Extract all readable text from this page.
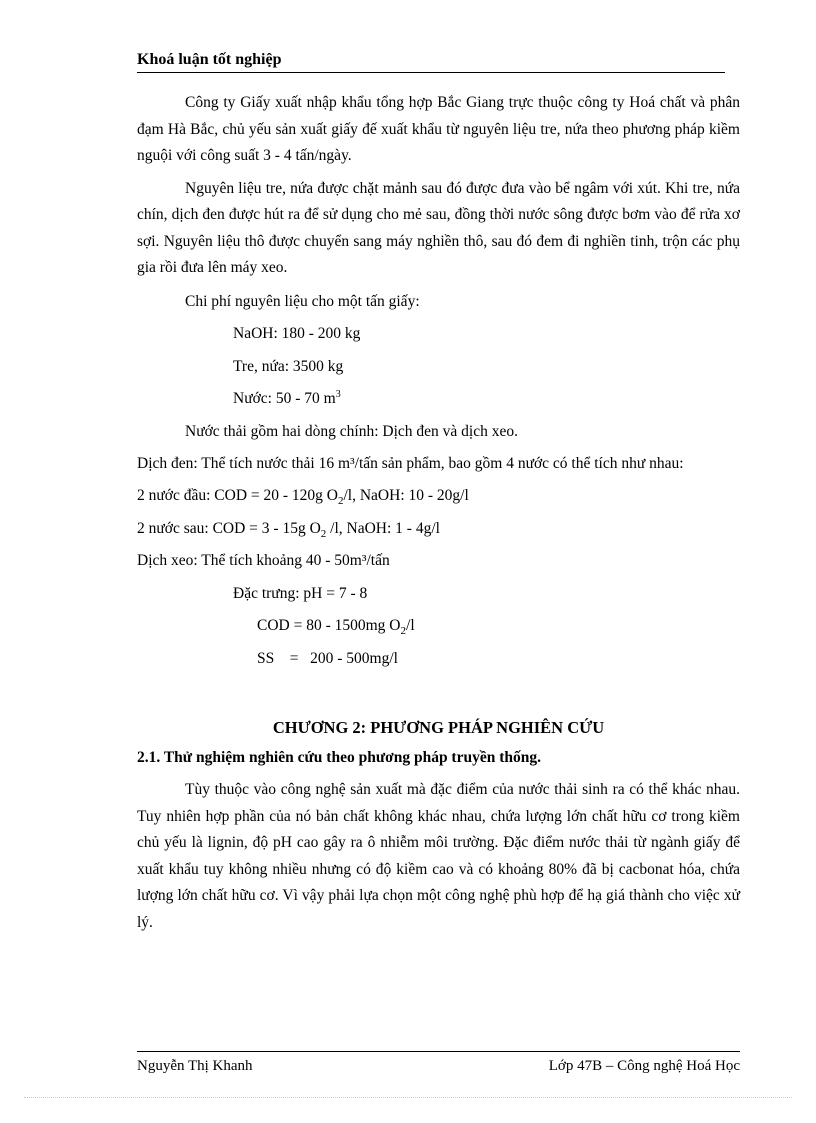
Khoá luận tốt nghiệp

Công ty Giấy xuất nhập khẩu tổng hợp Bắc Giang trực thuộc công ty Hoá chất và phân đạm Hà Bắc, chủ yếu sản xuất giấy đế xuất khẩu từ nguyên liệu tre, nứa theo phương pháp kiềm nguội với công suất 3 - 4 tấn/ngày.

Nguyên liệu tre, nứa được chặt mảnh sau đó được đưa vào bể ngâm với xút. Khi tre, nứa chín, dịch đen được hút ra để sử dụng cho mẻ sau, đồng thời nước sông được bơm vào để rửa xơ sợi. Nguyên liệu thô được chuyển sang máy nghiền thô, sau đó đem đi nghiền tinh, trộn các phụ gia rồi đưa lên máy xeo.

Chi phí nguyên liệu cho một tấn giấy:

NaOH: 180 - 200 kg

Tre, nứa: 3500 kg

Nước: 50 - 70 $m^3$

Nước thải gồm hai dòng chính: Dịch đen và dịch xeo.

Dịch đen: Thể tích nước thải 16 m³/tấn sản phẩm, bao gồm 4 nước có thể tích như nhau:

2 nước đầu: COD = 20 - 120g $O_2/l$, NaOH: 10 - 20g/l

2 nước sau: COD = 3 - 15g $O_2$ /l, NaOH: 1 - 4g/l

Dịch xeo: Thể tích khoảng 40 - 50m³/tấn

Đặc trưng: pH = 7 - 8

COD = 80 - 1500mg $O_2/l$

SS    =   200 - 500mg/l

CHƯƠNG 2: PHƯƠNG PHÁP NGHIÊN CỨU

2.1. Thử nghiệm nghiên cứu theo phương pháp truyền thống.

Tùy thuộc vào công nghệ sản xuất mà đặc điểm của nước thải sinh ra có thể khác nhau. Tuy nhiên hợp phần của nó bản chất không khác nhau, chứa lượng lớn chất hữu cơ trong kiềm chủ yếu là lignin, độ pH cao gây ra ô nhiễm môi trường. Đặc điểm nước thải từ ngành giấy để xuất khẩu tuy không nhiều nhưng có độ kiềm cao và có khoảng 80% đã bị cacbonat hóa, chứa lượng lớn chất hữu cơ. Vì vậy phải lựa chọn một công nghệ phù hợp để hạ giá thành cho việc xử lý.

Nguyễn Thị Khanh	Lớp 47B – Công nghệ Hoá Học
